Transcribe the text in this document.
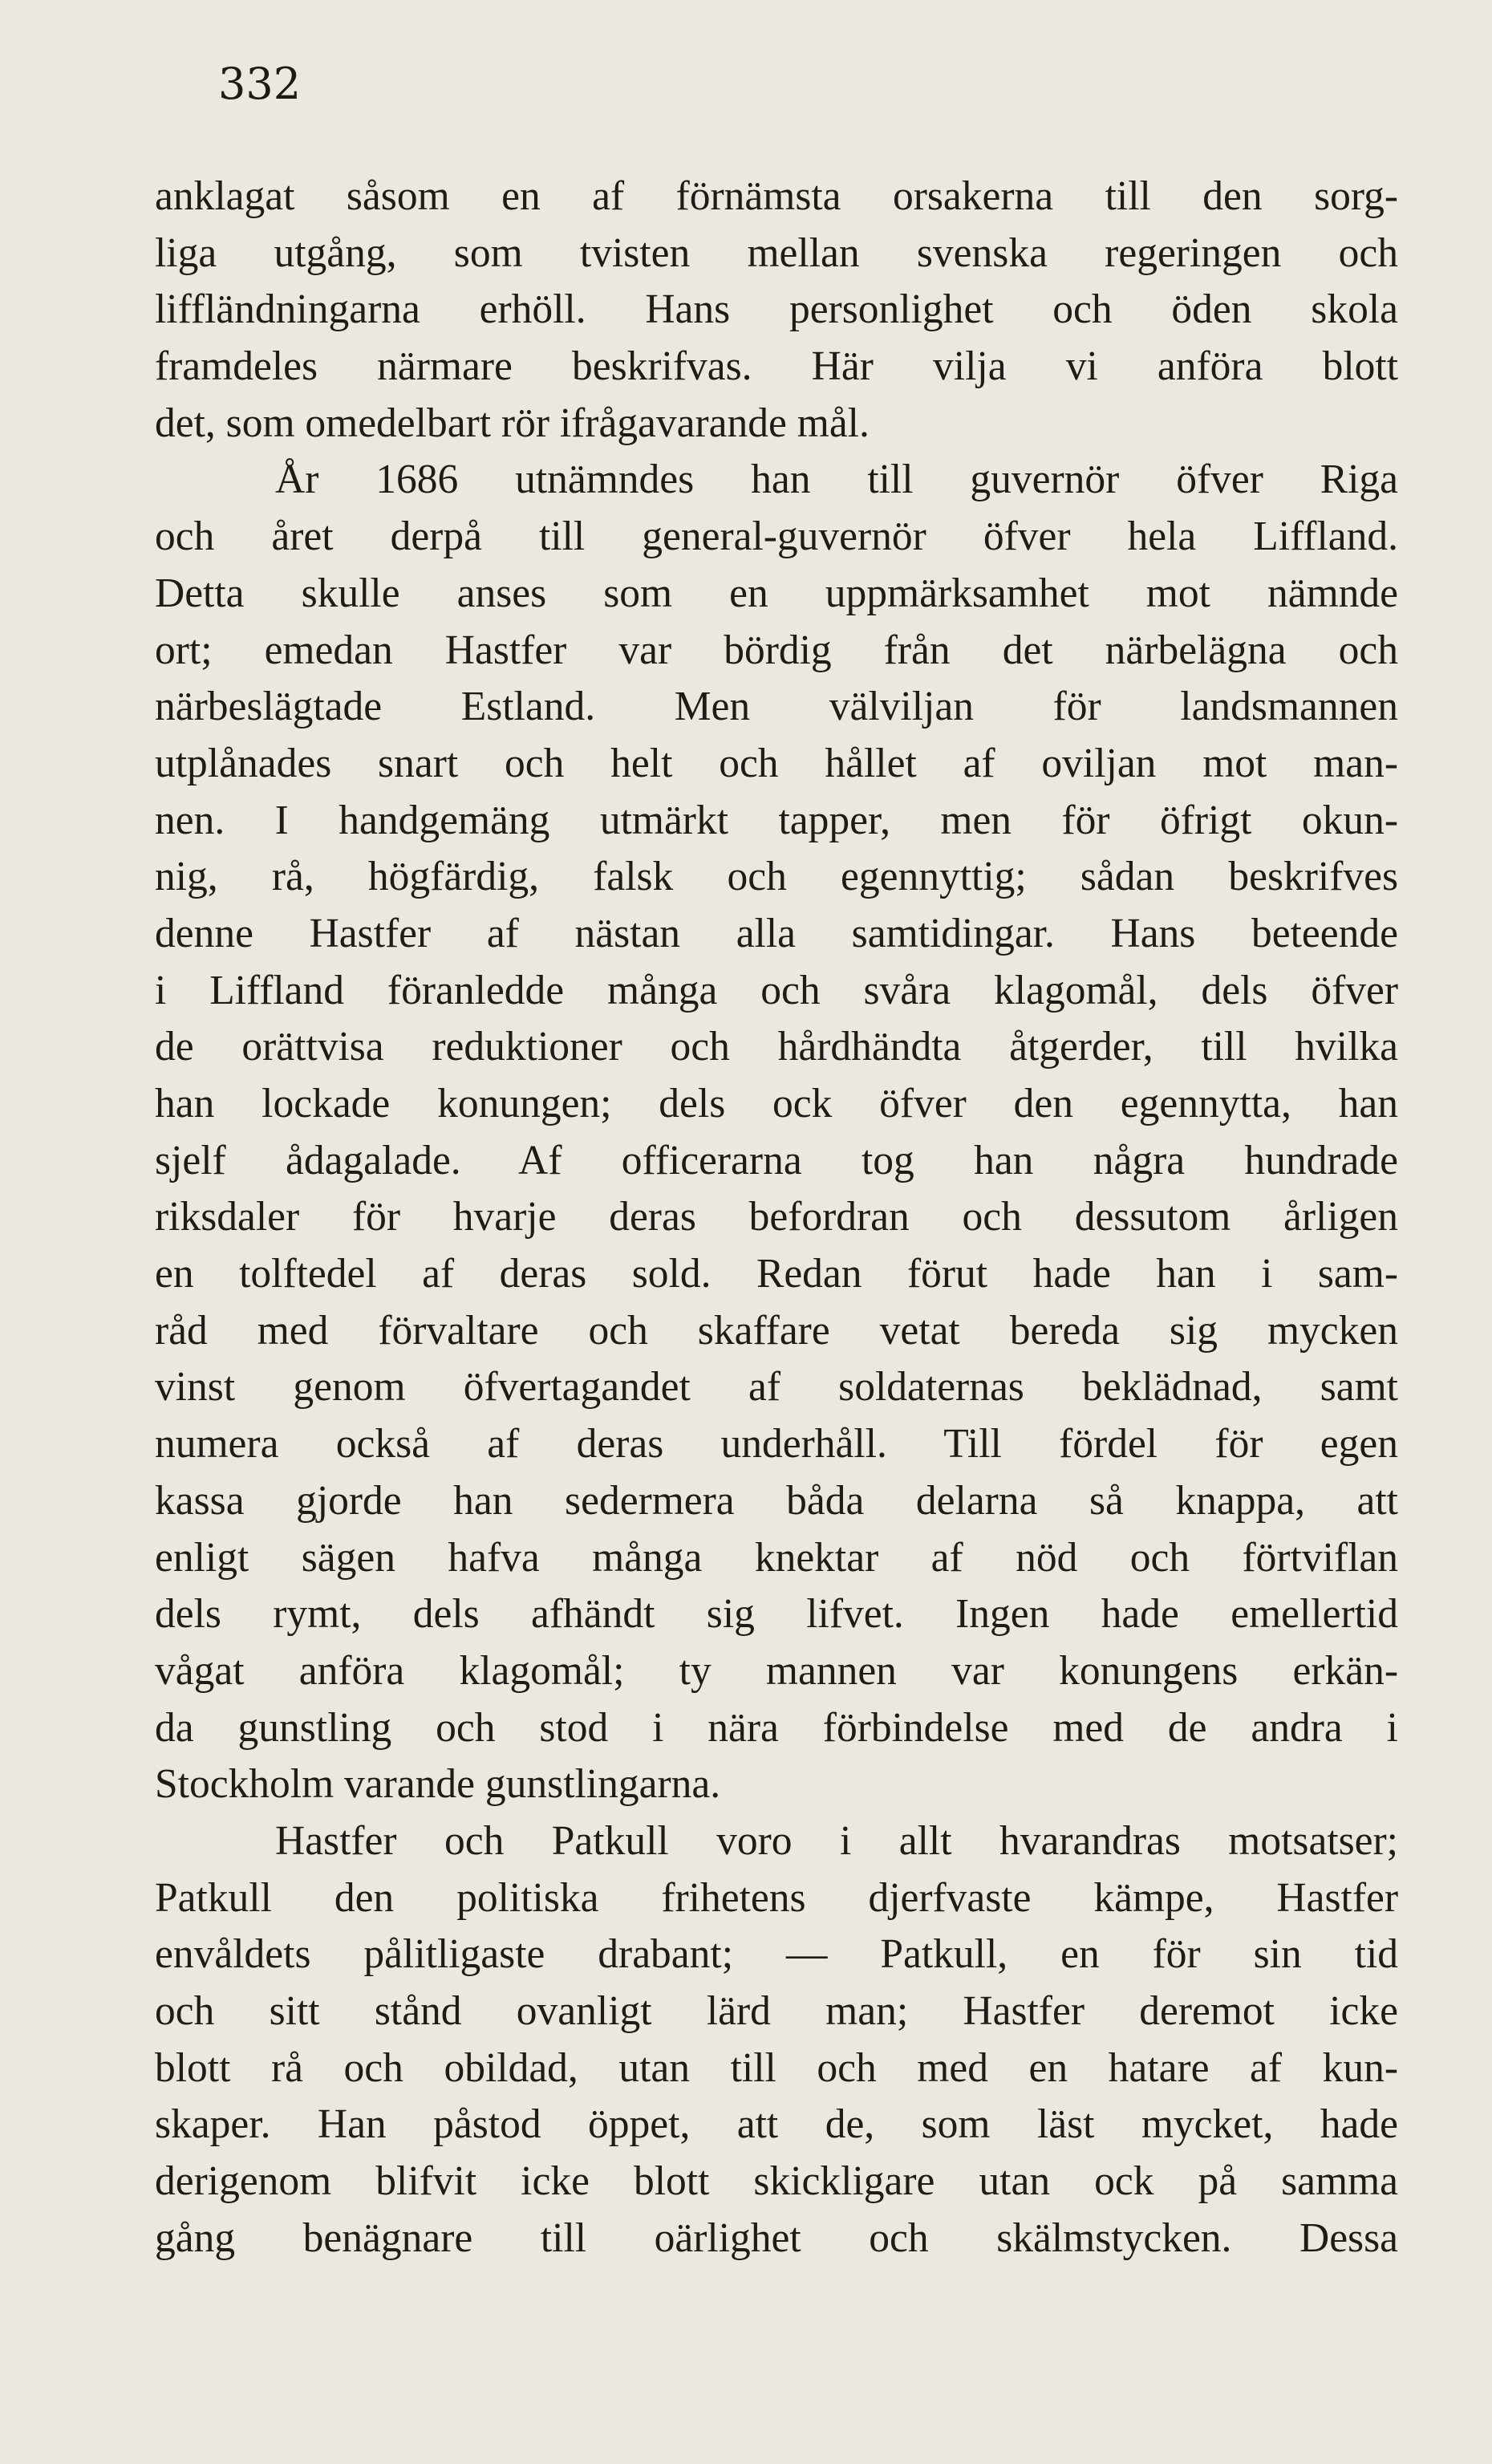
332
anklagat såsom en af förnämsta orsakerna till den sorg-
liga utgång, som tvisten mellan svenska regeringen och
liffländningarna erhöll. Hans personlighet och öden skola
framdeles närmare beskrifvas. Här vilja vi anföra blott
det, som omedelbart rör ifrågavarande mål.
År 1686 utnämndes han till guvernör öfver Riga
och året derpå till general-guvernör öfver hela Liffland.
Detta skulle anses som en uppmärksamhet mot nämnde
ort; emedan Hastfer var bördig från det närbelägna och
närbeslägtade Estland. Men välviljan för landsmannen
utplånades snart och helt och hållet af oviljan mot man-
nen. I handgemäng utmärkt tapper, men för öfrigt okun-
nig, rå, högfärdig, falsk och egennyttig; sådan beskrifves
denne Hastfer af nästan alla samtidingar. Hans beteende
i Liffland föranledde många och svåra klagomål, dels öfver
de orättvisa reduktioner och hårdhändta åtgerder, till hvilka
han lockade konungen; dels ock öfver den egennytta, han
sjelf ådagalade. Af officerarna tog han några hundrade
riksdaler för hvarje deras befordran och dessutom årligen
en tolftedel af deras sold. Redan förut hade han i sam-
råd med förvaltare och skaffare vetat bereda sig mycken
vinst genom öfvertagandet af soldaternas beklädnad, samt
numera också af deras underhåll. Till fördel för egen
kassa gjorde han sedermera båda delarna så knappa, att
enligt sägen hafva många knektar af nöd och förtviflan
dels rymt, dels afhändt sig lifvet. Ingen hade emellertid
vågat anföra klagomål; ty mannen var konungens erkän-
da gunstling och stod i nära förbindelse med de andra i
Stockholm varande gunstlingarna.
Hastfer och Patkull voro i allt hvarandras motsatser;
Patkull den politiska frihetens djerfvaste kämpe, Hastfer
envåldets pålitligaste drabant; — Patkull, en för sin tid
och sitt stånd ovanligt lärd man; Hastfer deremot icke
blott rå och obildad, utan till och med en hatare af kun-
skaper. Han påstod öppet, att de, som läst mycket, hade
derigenom blifvit icke blott skickligare utan ock på samma
gång benägnare till oärlighet och skälmstycken. Dessa
